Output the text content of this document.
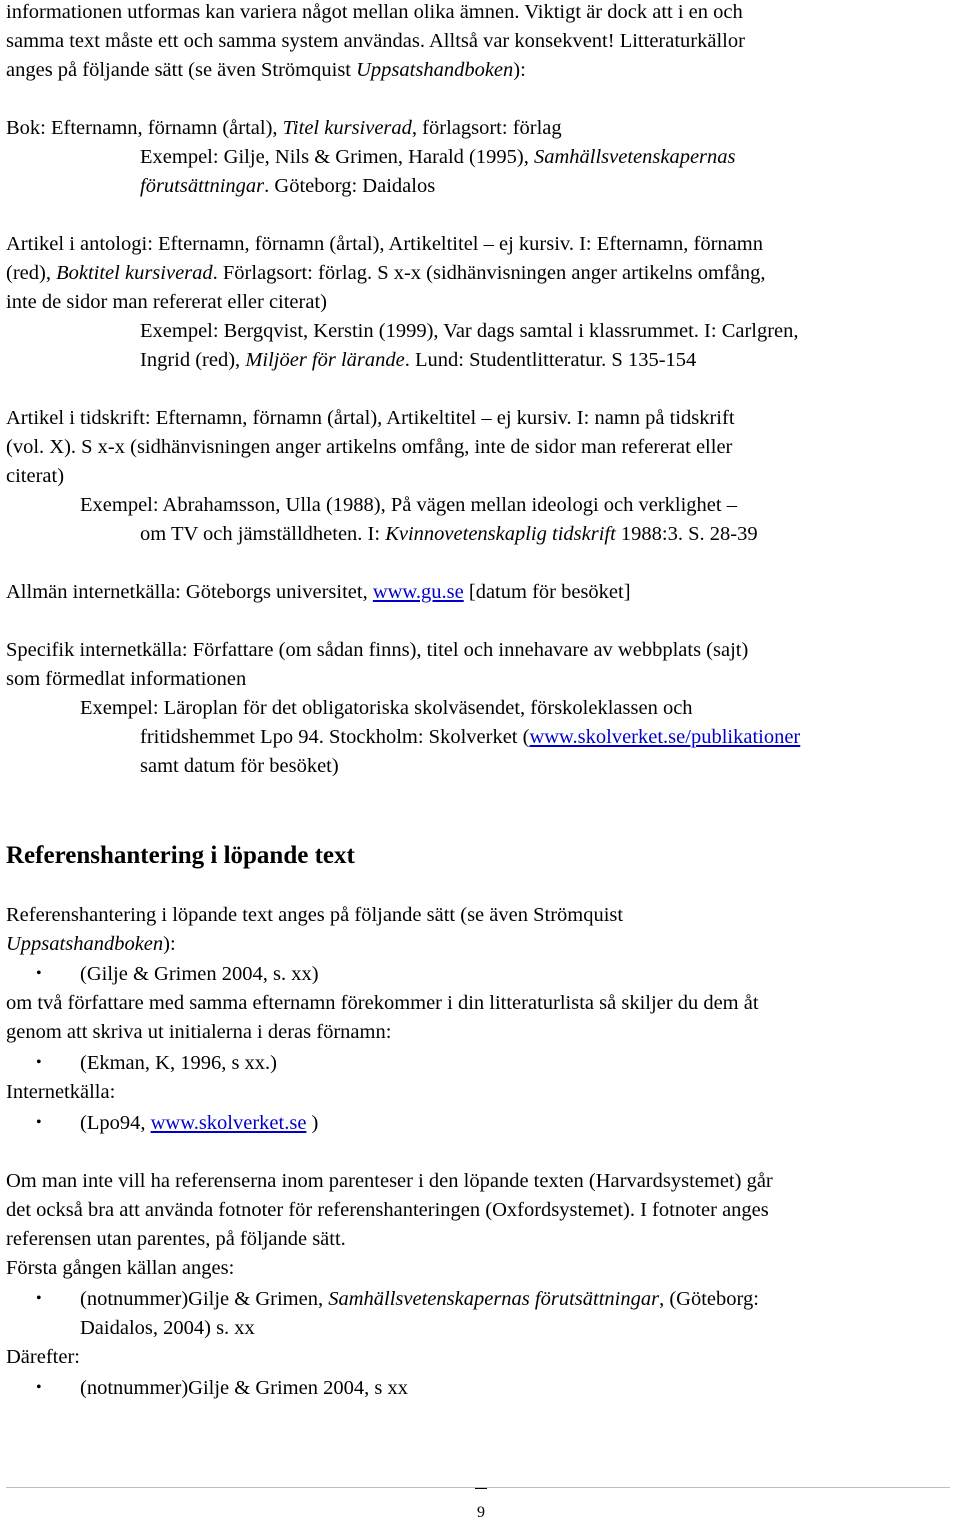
informationen utformas kan variera något mellan olika ämnen. Viktigt är dock att i en och
samma text måste ett och samma system användas. Alltså var konsekvent! Litteraturkällor
anges på följande sätt (se även Strömquist Uppsatshandboken):
Bok: Efternamn, förnamn (årtal), Titel kursiverad, förlagsort: förlag
Exempel: Gilje, Nils & Grimen, Harald (1995), Samhällsvetenskapernas
förutsättningar. Göteborg: Daidalos
Artikel i antologi: Efternamn, förnamn (årtal), Artikeltitel – ej kursiv. I: Efternamn, förnamn
(red), Boktitel kursiverad. Förlagsort: förlag. S x-x (sidhänvisningen anger artikelns omfång,
inte de sidor man refererat eller citerat)
Exempel: Bergqvist, Kerstin (1999), Var dags samtal i klassrummet. I: Carlgren,
Ingrid (red), Miljöer för lärande. Lund: Studentlitteratur. S 135-154
Artikel i tidskrift: Efternamn, förnamn (årtal), Artikeltitel – ej kursiv. I: namn på tidskrift
(vol. X). S x-x (sidhänvisningen anger artikelns omfång, inte de sidor man refererat eller
citerat)
Exempel: Abrahamsson, Ulla (1988), På vägen mellan ideologi och verklighet –
om TV och jämställdheten. I: Kvinnovetenskaplig tidskrift 1988:3. S. 28-39
Allmän internetkälla: Göteborgs universitet, www.gu.se [datum för besöket]
Specifik internetkälla: Författare (om sådan finns), titel och innehavare av webbplats (sajt)
som förmedlat informationen
Exempel: Läroplan för det obligatoriska skolväsendet, förskoleklassen och
fritidshemmet Lpo 94. Stockholm: Skolverket (www.skolverket.se/publikationer
samt datum för besöket)
Referenshantering i löpande text
Referenshantering i löpande text anges på följande sätt (se även Strömquist
Uppsatshandboken):
• (Gilje & Grimen 2004, s. xx)
om två författare med samma efternamn förekommer i din litteraturlista så skiljer du dem åt
genom att skriva ut initialerna i deras förnamn:
• (Ekman, K, 1996, s xx.)
Internetkälla:
• (Lpo94, www.skolverket.se )
Om man inte vill ha referenserna inom parenteser i den löpande texten (Harvardsystemet) går
det också bra att använda fotnoter för referenshanteringen (Oxfordsystemet). I fotnoter anges
referensen utan parentes, på följande sätt.
Första gången källan anges:
• (notnummer)Gilje & Grimen, Samhällsvetenskapernas förutsättningar, (Göteborg:
Daidalos, 2004) s. xx
Därefter:
• (notnummer)Gilje & Grimen 2004, s xx
9
